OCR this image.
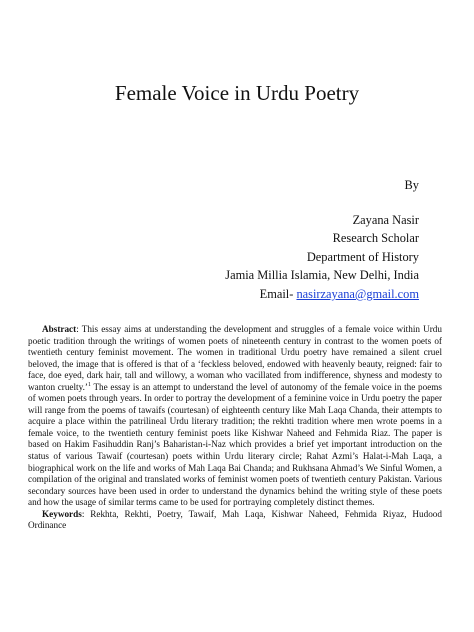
Female Voice in Urdu Poetry
By
Zayana Nasir
Research Scholar
Department of History
Jamia Millia Islamia, New Delhi, India
Email- nasirzayana@gmail.com

Abstract: This essay aims at understanding the development and struggles of a female voice within Urdu poetic tradition through the writings of women poets of nineteenth century in contrast to the women poets of twentieth century feminist movement. The women in traditional Urdu poetry have remained a silent cruel beloved, the image that is offered is that of a ‘feckless beloved, endowed with heavenly beauty, reigned: fair to face, doe eyed, dark hair, tall and willowy, a woman who vacillated from indifference, shyness and modesty to wanton cruelty.’$^1$ The essay is an attempt to understand the level of autonomy of the female voice in the poems of women poets through years. In order to portray the development of a feminine voice in Urdu poetry the paper will range from the poems of tawaifs (courtesan) of eighteenth century like Mah Laqa Chanda, their attempts to acquire a place within the patrilineal Urdu literary tradition; the rekhti tradition where men wrote poems in a female voice, to the twentieth century feminist poets like Kishwar Naheed and Fehmida Riaz. The paper is based on Hakim Fasihuddin Ranj’s Baharistan-i-Naz which provides a brief yet important introduction on the status of various Tawaif (courtesan) poets within Urdu literary circle; Rahat Azmi’s Halat-i-Mah Laqa, a biographical work on the life and works of Mah Laqa Bai Chanda; and Rukhsana Ahmad’s We Sinful Women, a compilation of the original and translated works of feminist women poets of twentieth century Pakistan. Various secondary sources have been used in order to understand the dynamics behind the writing style of these poets and how the usage of similar terms came to be used for portraying completely distinct themes.

Keywords: Rekhta, Rekhti, Poetry, Tawaif, Mah Laqa, Kishwar Naheed, Fehmida Riyaz, Hudood Ordinance
